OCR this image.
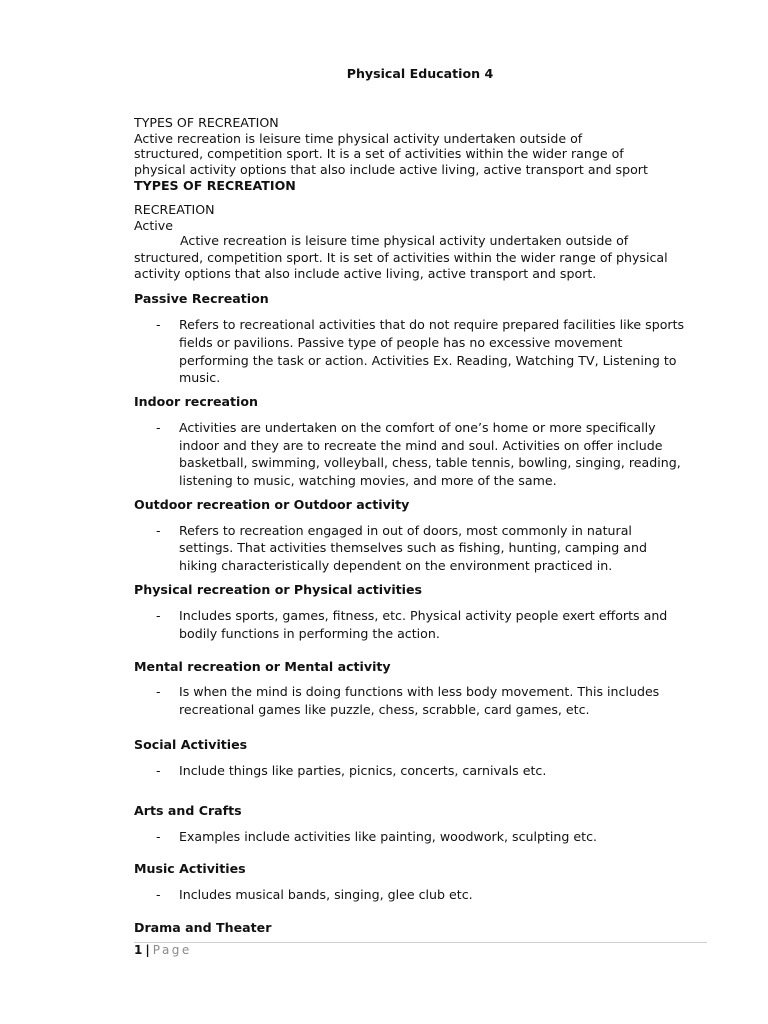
Physical Education 4

TYPES OF RECREATION

Active recreation is leisure time physical activity undertaken outside of

structured, competition sport. It is a set of activities within the wider range of

physical activity options that also include active living, active transport and sport

TYPES OF RECREATION

RECREATION

Active

Active recreation is leisure time physical activity undertaken outside of

structured, competition sport. It is set of activities within the wider range of physical

activity options that also include active living, active transport and sport.

Passive Recreation

- Refers to recreational activities that do not require prepared facilities like sports

fields or pavilions. Passive type of people has no excessive movement

performing the task or action. Activities Ex. Reading, Watching TV, Listening to

music.

Indoor recreation

- Activities are undertaken on the comfort of one’s home or more specifically

indoor and they are to recreate the mind and soul. Activities on offer include

basketball, swimming, volleyball, chess, table tennis, bowling, singing, reading,

listening to music, watching movies, and more of the same.

Outdoor recreation or Outdoor activity

- Refers to recreation engaged in out of doors, most commonly in natural

settings. That activities themselves such as fishing, hunting, camping and

hiking characteristically dependent on the environment practiced in.

Physical recreation or Physical activities

- Includes sports, games, fitness, etc. Physical activity people exert efforts and

bodily functions in performing the action.

Mental recreation or Mental activity

- Is when the mind is doing functions with less body movement. This includes

recreational games like puzzle, chess, scrabble, card games, etc.

Social Activities

- Include things like parties, picnics, concerts, carnivals etc.

Arts and Crafts

- Examples include activities like painting, woodwork, sculpting etc.

Music Activities

- Includes musical bands, singing, glee club etc.

Drama and Theater

1 | Page
